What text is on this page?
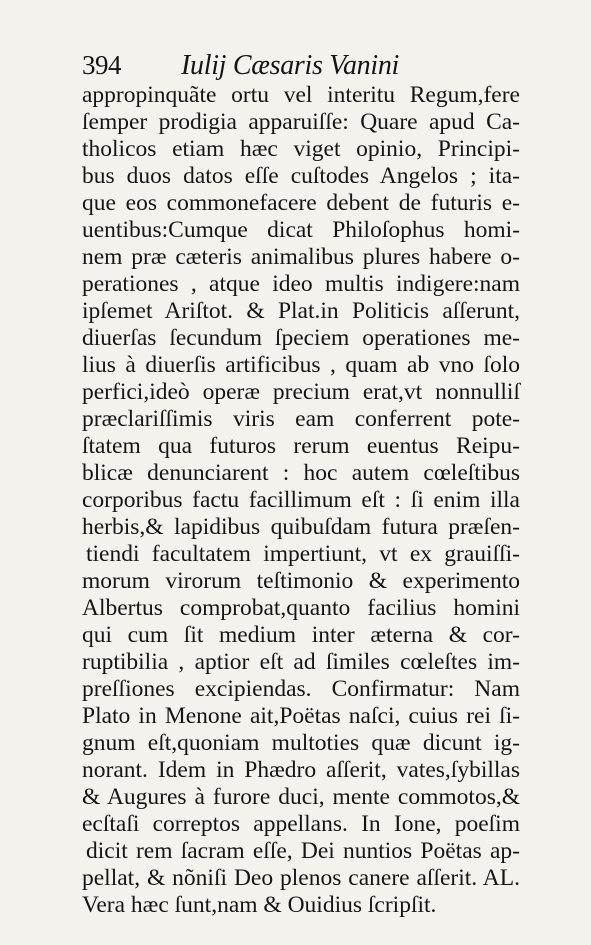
394 Iulij Cæsaris Vanini
appropinquãte ortu vel interitu Regum,fere
ſemper prodigia apparuiſſe: Quare apud Ca-
tholicos etiam hæc viget opinio, Principi-
bus duos datos eſſe cuſtodes Angelos ; ita-
que eos commonefacere debent de futuris e-
uentibus:Cumque dicat Philoſophus homi-
nem præ cæteris animalibus plures habere o-
perationes , atque ideo multis indigere:nam
ipſemet Ariſtot. & Plat.in Politicis aſſerunt,
diuerſas ſecundum ſpeciem operationes me-
lius à diuerſis artificibus , quam ab vno ſolo
perfici,ideò operæ precium erat,vt nonnulliſ
præclariſſimis viris eam conferrent pote-
ſtatem qua futuros rerum euentus Reipu-
blicæ denunciarent : hoc autem cœleſtibus
corporibus factu facillimum eſt : ſi enim illa
herbis,& lapidibus quibuſdam futura præſen-
tiendi facultatem impertiunt, vt ex grauiſſi-
morum virorum teſtimonio & experimento
Albertus comprobat,quanto facilius homini
qui cum ſit medium inter æterna & cor-
ruptibilia , aptior eſt ad ſimiles cœleſtes im-
preſſiones excipiendas. Confirmatur: Nam
Plato in Menone ait,Poëtas naſci, cuius rei ſi-
gnum eſt,quoniam multoties quæ dicunt ig-
norant. Idem in Phædro aſſerit, vates,ſybillas
& Augures à furore duci, mente commotos,&
ecſtaſi correptos appellans. In Ione, poeſim
dicit rem ſacram eſſe, Dei nuntios Poëtas ap-
pellat, & nõniſi Deo plenos canere aſſerit. AL.
Vera hæc ſunt,nam & Ouidius ſcripſit.
